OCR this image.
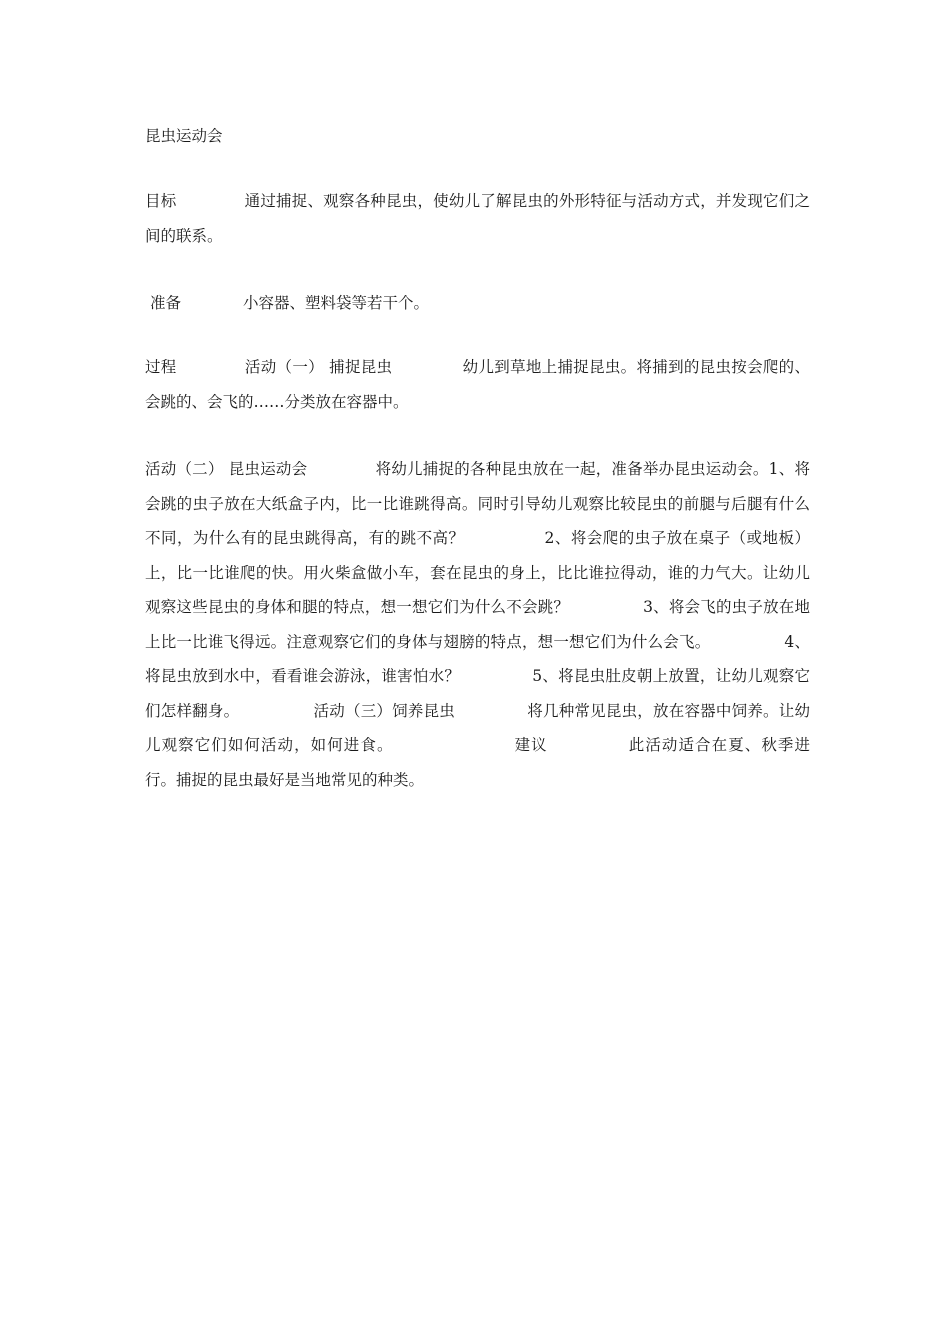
昆虫运动会

目标	通过捕捉、观察各种昆虫，使幼儿了解昆虫的外形特征与活动方式，并发现它们之间的联系。

准备	小容器、塑料袋等若干个。

过程	活动（一） 捕捉昆虫	幼儿到草地上捕捉昆虫。将捕到的昆虫按会爬的、会跳的、会飞的……分类放在容器中。

活动（二） 昆虫运动会	将幼儿捕捉的各种昆虫放在一起，准备举办昆虫运动会。1、将会跳的虫子放在大纸盒子内，比一比谁跳得高。同时引导幼儿观察比较昆虫的前腿与后腿有什么不同，为什么有的昆虫跳得高，有的跳不高？	2、将会爬的虫子放在桌子（或地板）上，比一比谁爬的快。用火柴盒做小车，套在昆虫的身上，比比谁拉得动，谁的力气大。让幼儿观察这些昆虫的身体和腿的特点，想一想它们为什么不会跳？	3、将会飞的虫子放在地上比一比谁飞得远。注意观察它们的身体与翅膀的特点，想一想它们为什么会飞。	4、将昆虫放到水中，看看谁会游泳，谁害怕水？	5、将昆虫肚皮朝上放置，让幼儿观察它们怎样翻身。	活动（三）饲养昆虫	将几种常见昆虫，放在容器中饲养。让幼儿观察它们如何活动，如何进食。	建议	此活动适合在夏、秋季进行。捕捉的昆虫最好是当地常见的种类。
